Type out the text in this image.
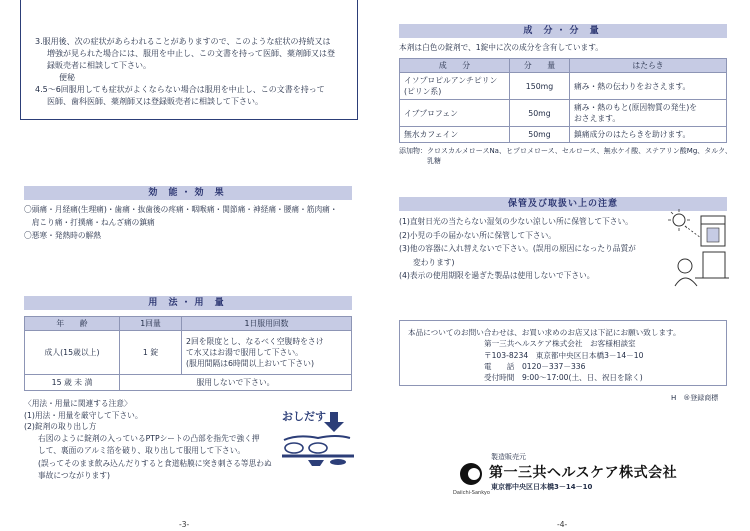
3.服用後、次の症状があらわれることがありますので、このような症状の持続又は
増強が見られた場合には、服用を中止し、この文書を持って医師、薬剤師又は登
録販売者に相談して下さい。
便秘
4.5～6回服用しても症状がよくならない場合は服用を中止し、この文書を持って
医師、歯科医師、薬剤師又は登録販売者に相談して下さい。
効 能・効 果
〇頭痛・月経痛(生理痛)・歯痛・抜歯後の疼痛・咽喉痛・関節痛・神経痛・腰痛・筋肉痛・
　肩こり痛・打撲痛・ねんざ痛の鎮痛
〇悪寒・発熱時の解熱
用 法・用 量
年　　齢	1回量	1日服用回数
成人(15歳以上)	1 錠	2回を限度とし、なるべく空腹時をさけ
て水又はお湯で服用して下さい。
(服用間隔は6時間以上おいて下さい)

15 歳 未 満	服用しないで下さい。	
〈用法・用量に関連する注意〉
(1)用法・用量を厳守して下さい。
(2)錠剤の取り出し方
右図のように錠剤の入っているPTPシートの凸部を指先で強く押
して、裏面のアルミ箔を破り、取り出して服用して下さい。
(誤ってそのまま飲み込んだりすると食道粘膜に突き刺さる等思わぬ
事故につながります)
おしだす
-3-
成 分・分 量
本剤は白色の錠剤で、1錠中に次の成分を含有しています。
成　　分	分　　量	はたらき

イソプロピルアンチピリン
(ピリン系)	150mg	痛み・熱の伝わりをおさえます。
イブプロフェン	50mg	痛み・熱のもと(原因物質の発生)を
おさえます。

無水カフェイン	50mg	鎮痛成分のはたらきを助けます。
添加物：クロスカルメロースNa、ヒプロメロース、セルロース、無水ケイ酸、ステアリン酸Mg、タルク、
乳糖
保管及び取扱い上の注意
(1)直射日光の当たらない湿気の少ない涼しい所に保管して下さい。
(2)小児の手の届かない所に保管して下さい。
(3)他の容器に入れ替えないで下さい。(誤用の原因になったり品質が
変わります)
(4)表示の使用期限を過ぎた製品は使用しないで下さい。
本品についてのお問い合わせは、お買い求めのお店又は下記にお願い致します。
第一三共ヘルスケア株式会社　お客様相談室
〒103-8234　東京都中央区日本橋3－14－10
電　　話　0120－337－336
受付時間　9:00～17:00(土、日、祝日を除く)
H　®登録商標
Daiichi-Sankyo
製造販売元
第一三共ヘルスケア株式会社
東京都中央区日本橋3－14－10
-4-
